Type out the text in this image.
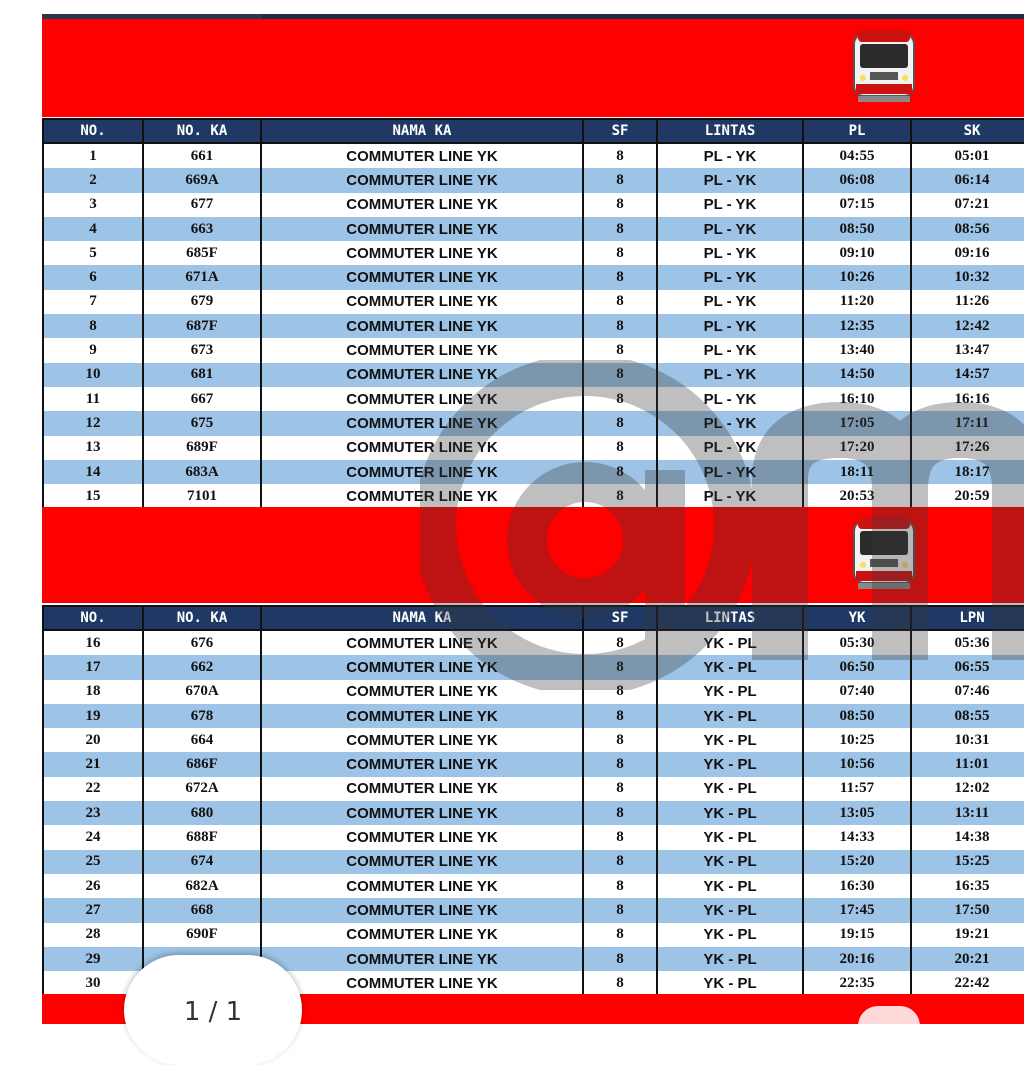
NO.	NO. KA	NAMA KA	SF	LINTAS	PL	SK
1	661	COMMUTER LINE YK	8	PL - YK	04:55	05:01
2	669A	COMMUTER LINE YK	8	PL - YK	06:08	06:14
3	677	COMMUTER LINE YK	8	PL - YK	07:15	07:21
4	663	COMMUTER LINE YK	8	PL - YK	08:50	08:56
5	685F	COMMUTER LINE YK	8	PL - YK	09:10	09:16
6	671A	COMMUTER LINE YK	8	PL - YK	10:26	10:32
7	679	COMMUTER LINE YK	8	PL - YK	11:20	11:26
8	687F	COMMUTER LINE YK	8	PL - YK	12:35	12:42
9	673	COMMUTER LINE YK	8	PL - YK	13:40	13:47
10	681	COMMUTER LINE YK	8	PL - YK	14:50	14:57
11	667	COMMUTER LINE YK	8	PL - YK	16:10	16:16
12	675	COMMUTER LINE YK	8	PL - YK	17:05	17:11
13	689F	COMMUTER LINE YK	8	PL - YK	17:20	17:26
14	683A	COMMUTER LINE YK	8	PL - YK	18:11	18:17
15	7101	COMMUTER LINE YK	8	PL - YK	20:53	20:59
NO.	NO. KA	NAMA KA	SF	LINTAS	YK	LPN
16	676	COMMUTER LINE YK	8	YK - PL	05:30	05:36
17	662	COMMUTER LINE YK	8	YK - PL	06:50	06:55
18	670A	COMMUTER LINE YK	8	YK - PL	07:40	07:46
19	678	COMMUTER LINE YK	8	YK - PL	08:50	08:55
20	664	COMMUTER LINE YK	8	YK - PL	10:25	10:31
21	686F	COMMUTER LINE YK	8	YK - PL	10:56	11:01
22	672A	COMMUTER LINE YK	8	YK - PL	11:57	12:02
23	680	COMMUTER LINE YK	8	YK - PL	13:05	13:11
24	688F	COMMUTER LINE YK	8	YK - PL	14:33	14:38
25	674	COMMUTER LINE YK	8	YK - PL	15:20	15:25
26	682A	COMMUTER LINE YK	8	YK - PL	16:30	16:35
27	668	COMMUTER LINE YK	8	YK - PL	17:45	17:50
28	690F	COMMUTER LINE YK	8	YK - PL	19:15	19:21
29		COMMUTER LINE YK	8	YK - PL	20:16	20:21
30		COMMUTER LINE YK	8	YK - PL	22:35	22:42
1 / 1
